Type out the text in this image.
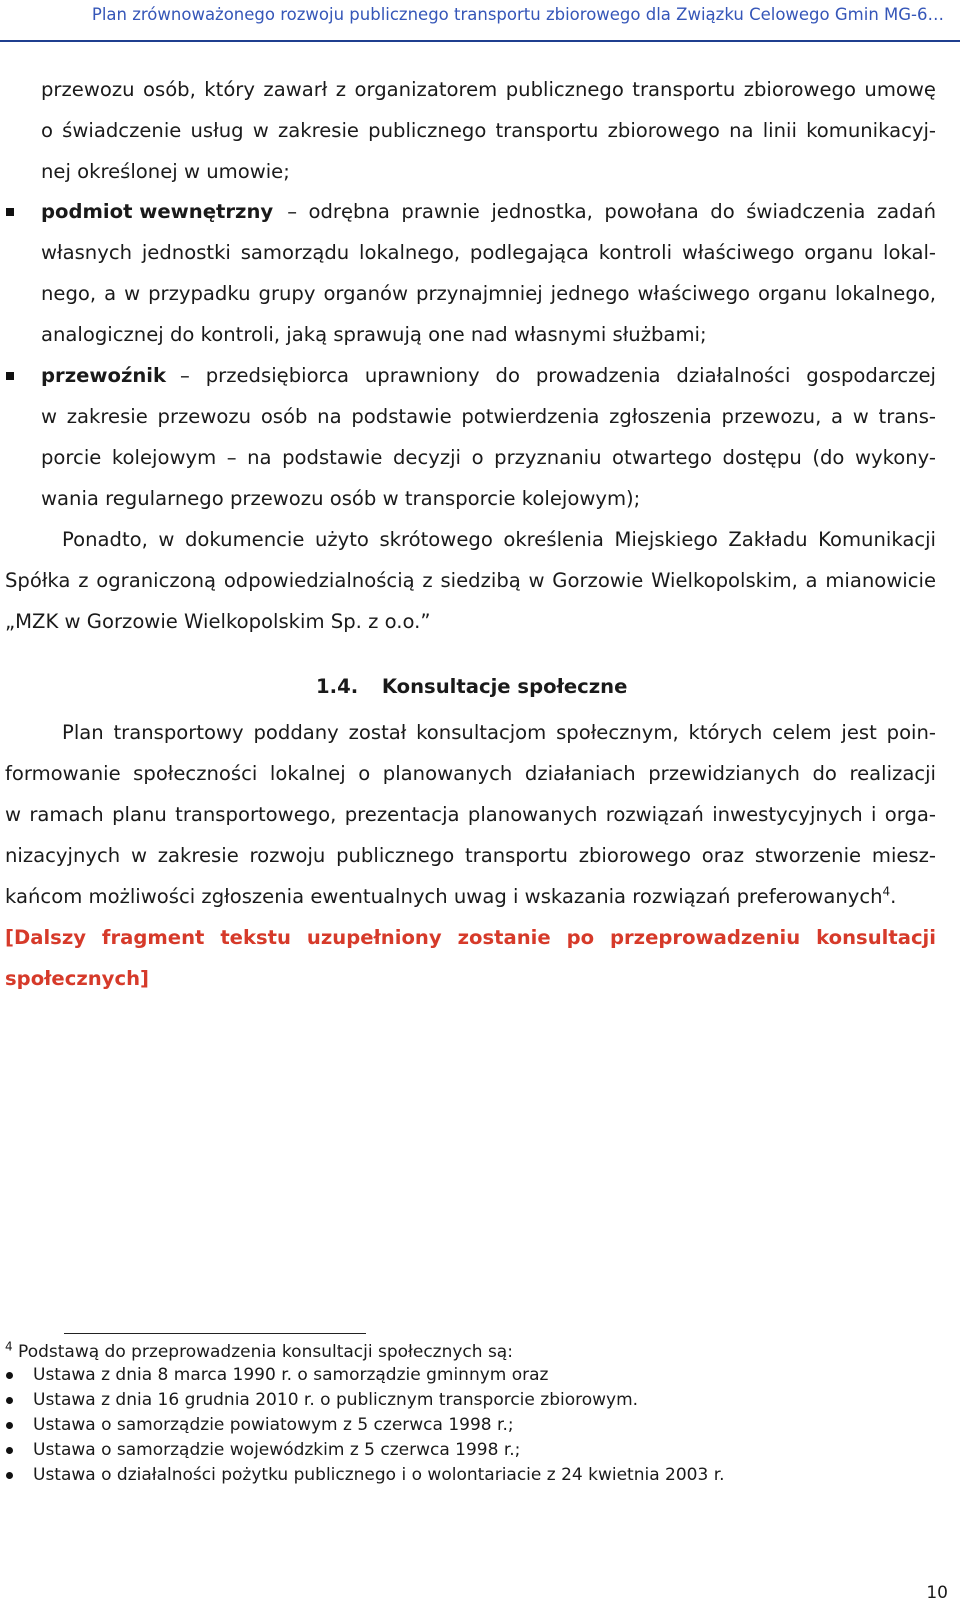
Plan zrównoważonego rozwoju publicznego transportu zbiorowego dla Związku Celowego Gmin MG-6…
przewozu osób, który zawarł z organizatorem publicznego transportu zbiorowego umowę
o świadczenie usług w zakresie publicznego transportu zbiorowego na linii komunikacyj-
nej określonej w umowie;
podmiot wewnętrzny – odrębna prawnie jednostka, powołana do świadczenia zadań
własnych jednostki samorządu lokalnego, podlegająca kontroli właściwego organu lokal-
nego, a w przypadku grupy organów przynajmniej jednego właściwego organu lokalnego,
analogicznej do kontroli, jaką sprawują one nad własnymi służbami;
przewoźnik – przedsiębiorca uprawniony do prowadzenia działalności gospodarczej
w zakresie przewozu osób na podstawie potwierdzenia zgłoszenia przewozu, a w trans-
porcie kolejowym – na podstawie decyzji o przyznaniu otwartego dostępu (do wykony-
wania regularnego przewozu osób w transporcie kolejowym);
Ponadto, w dokumencie użyto skrótowego określenia Miejskiego Zakładu Komunikacji
Spółka z ograniczoną odpowiedzialnością z siedzibą w Gorzowie Wielkopolskim, a mianowicie
„MZK w Gorzowie Wielkopolskim Sp. z o.o.”
1.4. Konsultacje społeczne
Plan transportowy poddany został konsultacjom społecznym, których celem jest poin-
formowanie społeczności lokalnej o planowanych działaniach przewidzianych do realizacji
w ramach planu transportowego, prezentacja planowanych rozwiązań inwestycyjnych i orga-
nizacyjnych w zakresie rozwoju publicznego transportu zbiorowego oraz stworzenie miesz-
kańcom możliwości zgłoszenia ewentualnych uwag i wskazania rozwiązań preferowanych$^4$.
[Dalszy fragment tekstu uzupełniony zostanie po przeprowadzeniu konsultacji
społecznych]
$^4$ Podstawą do przeprowadzenia konsultacji społecznych są:
Ustawa z dnia 8 marca 1990 r. o samorządzie gminnym oraz
Ustawa z dnia 16 grudnia 2010 r. o publicznym transporcie zbiorowym.
Ustawa o samorządzie powiatowym z 5 czerwca 1998 r.;
Ustawa o samorządzie wojewódzkim z 5 czerwca 1998 r.;
Ustawa o działalności pożytku publicznego i o wolontariacie z 24 kwietnia 2003 r.
10
